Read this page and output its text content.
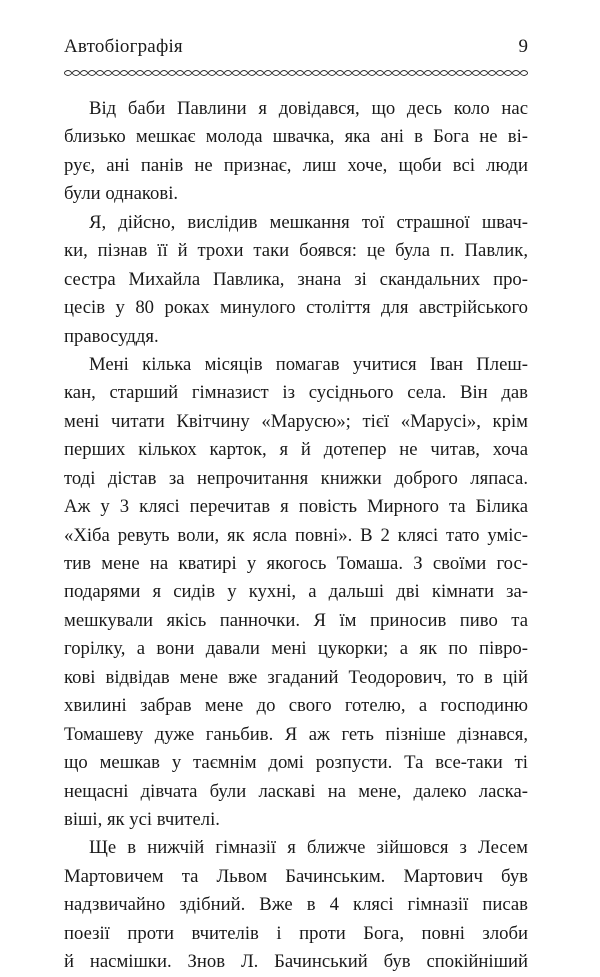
Автобіографія	9
Від баби Павлини я довідався, що десь коло нас
близько мешкає молода швачка, яка ані в Бога не ві-
рує, ані панів не признає, лиш хоче, щоби всі люди
були однакові.
Я, дійсно, вислідив мешкання тої страшної швач-
ки, пізнав її й трохи таки боявся: це була п. Павлик,
сестра Михайла Павлика, знана зі скандальних про-
цесів у 80 роках минулого століття для австрійського
правосуддя.
Мені кілька місяців помагав учитися Іван Плеш-
кан, старший гімназист із сусіднього села. Він дав
мені читати Квітчину «Марусю»; тієї «Марусі», крім
перших кількох карток, я й дотепер не читав, хоча
тоді дістав за непрочитання книжки доброго ляпаса.
Аж у 3 клясі перечитав я повість Мирного та Білика
«Хіба ревуть воли, як ясла повні». В 2 клясі тато уміс-
тив мене на кватирі у якогось Томаша. З своїми гос-
подарями я сидів у кухні, а дальші дві кімнати за-
мешкували якісь панночки. Я їм приносив пиво та
горілку, а вони давали мені цукорки; а як по півро-
кові відвідав мене вже згаданий Теодорович, то в цій
хвилині забрав мене до свого готелю, а господиню
Томашеву дуже ганьбив. Я аж геть пізніше дізнався,
що мешкав у таємнім домі розпусти. Та все-таки ті
нещасні дівчата були ласкаві на мене, далеко ласка-
віші, як усі вчителі.
Ще в нижчій гімназії я ближче зійшовся з Лесем
Мартовичем та Львом Бачинським. Мартович був
надзвичайно здібний. Вже в 4 клясі гімназії писав
поезії проти вчителів і проти Бога, повні злоби
й насмішки. Знов Л. Бачинський був спокійніший
